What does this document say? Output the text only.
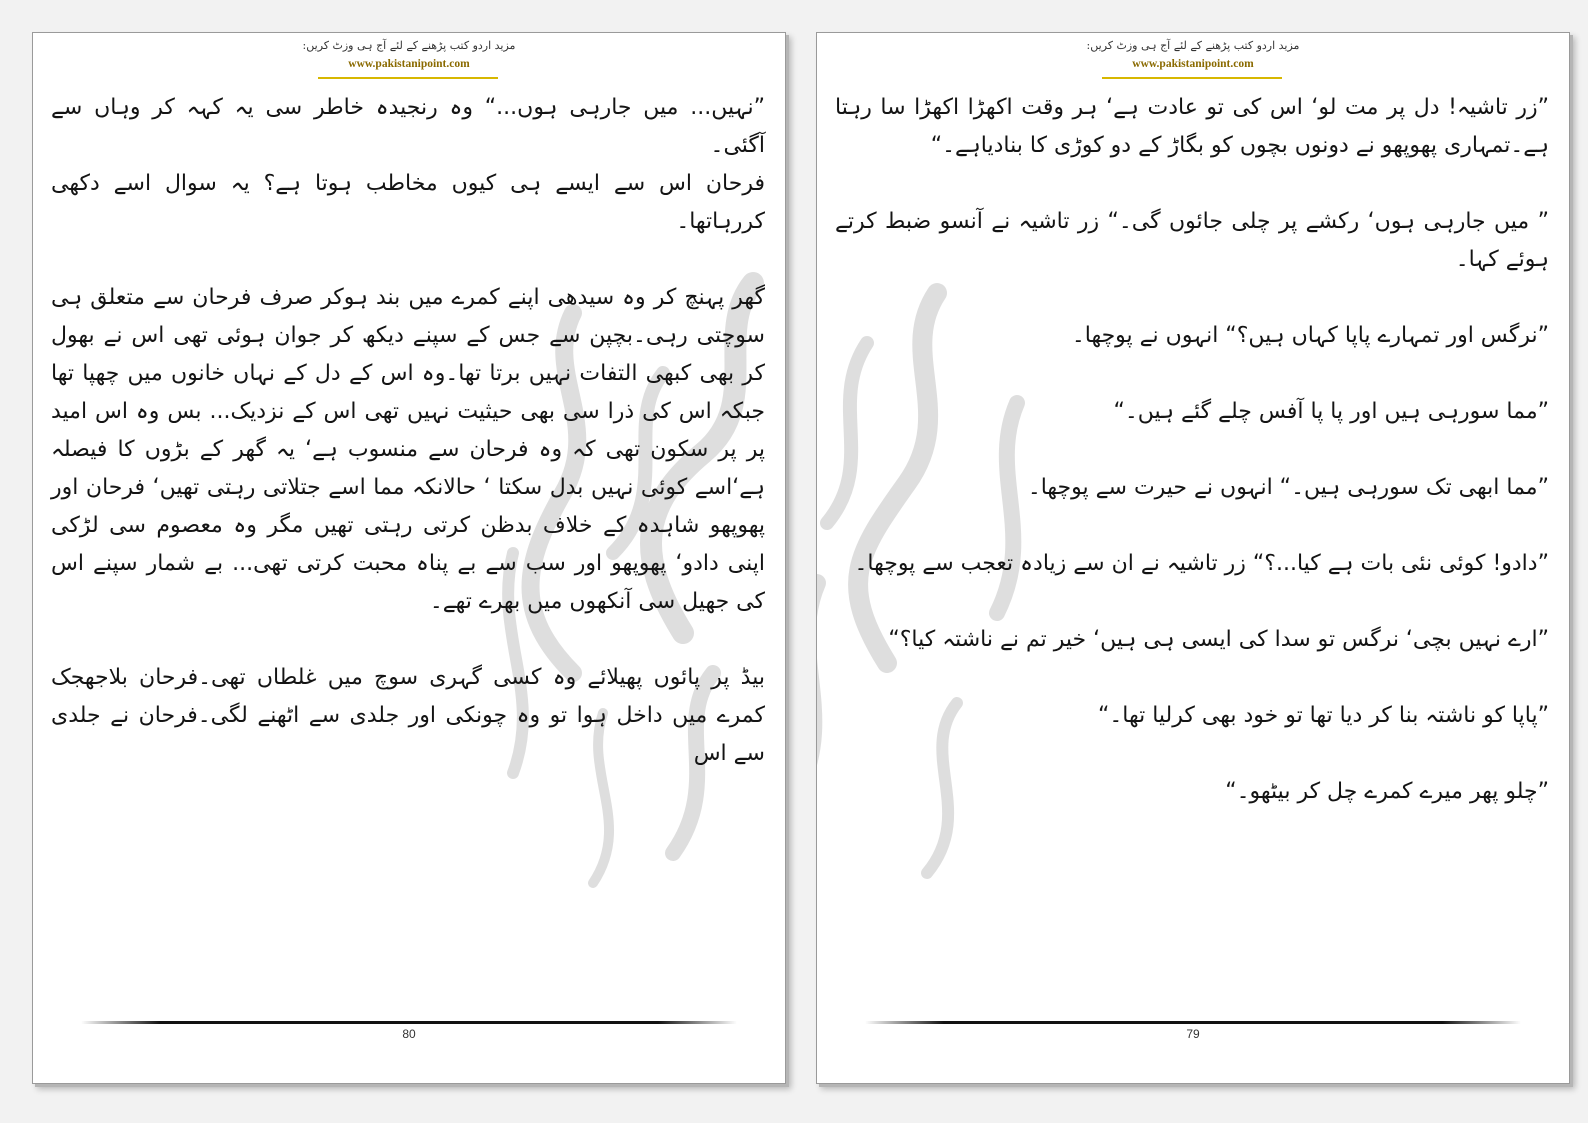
مزید اردو کتب پڑھنے کے لئے آج ہی وزٹ کریں:
www.pakistanipoint.com

”نہیں... میں جارہی ہوں...“ وہ رنجیدہ خاطر سی یہ کہہ کر وہاں سے آگئی۔

فرحان اس سے ایسے ہی کیوں مخاطب ہوتا ہے؟ یہ سوال اسے دکھی کررہاتھا۔

گھر پہنچ کر وہ سیدھی اپنے کمرے میں بند ہوکر صرف فرحان سے متعلق ہی سوچتی رہی۔بچپن سے جس کے سپنے دیکھ کر جوان ہوئی تھی اس نے بھول کر بھی کبھی التفات نہیں برتا تھا۔وہ اس کے دل کے نہاں خانوں میں چھپا تھا جبکہ اس کی ذرا سی بھی حیثیت نہیں تھی اس کے نزدیک... بس وہ اس امید پر پر سکون تھی کہ وہ فرحان سے منسوب ہے‘ یہ گھر کے بڑوں کا فیصلہ ہے‘اسے کوئی نہیں بدل سکتا ‘ حالانکہ مما اسے جتلاتی رہتی تھیں‘ فرحان اور پھوپھو شاہدہ کے خلاف بدظن کرتی رہتی تھیں مگر وہ معصوم سی لڑکی اپنی دادو‘ پھوپھو اور سب سے بے پناہ محبت کرتی تھی... بے شمار سپنے اس کی جھیل سی آنکھوں میں بھرے تھے۔

بیڈ پر پائوں پھیلائے وہ کسی گہری سوچ میں غلطاں تھی۔فرحان بلاجھجک کمرے میں داخل ہوا تو وہ چونکی اور جلدی سے اٹھنے لگی۔فرحان نے جلدی سے اس

80
مزید اردو کتب پڑھنے کے لئے آج ہی وزٹ کریں:
www.pakistanipoint.com

”زر تاشیہ! دل پر مت لو‘ اس کی تو عادت ہے‘ ہر وقت اکھڑا اکھڑا سا رہتا ہے۔تمہاری پھوپھو نے دونوں بچوں کو بگاڑ کے دو کوڑی کا بنادیاہے۔“

” میں جارہی ہوں‘ رکشے پر چلی جائوں گی۔“ زر تاشیہ نے آنسو ضبط کرتے ہوئے کہا۔

”نرگس اور تمہارے پاپا کہاں ہیں؟“ انہوں نے پوچھا۔

”مما سورہی ہیں اور پا پا آفس چلے گئے ہیں۔“

”مما ابھی تک سورہی ہیں۔“ انہوں نے حیرت سے پوچھا۔

”دادو! کوئی نئی بات ہے کیا...؟“ زر تاشیہ نے ان سے زیادہ تعجب سے پوچھا۔

”ارے نہیں بچی‘ نرگس تو سدا کی ایسی ہی ہیں‘ خیر تم نے ناشتہ کیا؟“

”پاپا کو ناشتہ بنا کر دیا تھا تو خود بھی کرلیا تھا۔“

”چلو پھر میرے کمرے چل کر بیٹھو۔“

79
